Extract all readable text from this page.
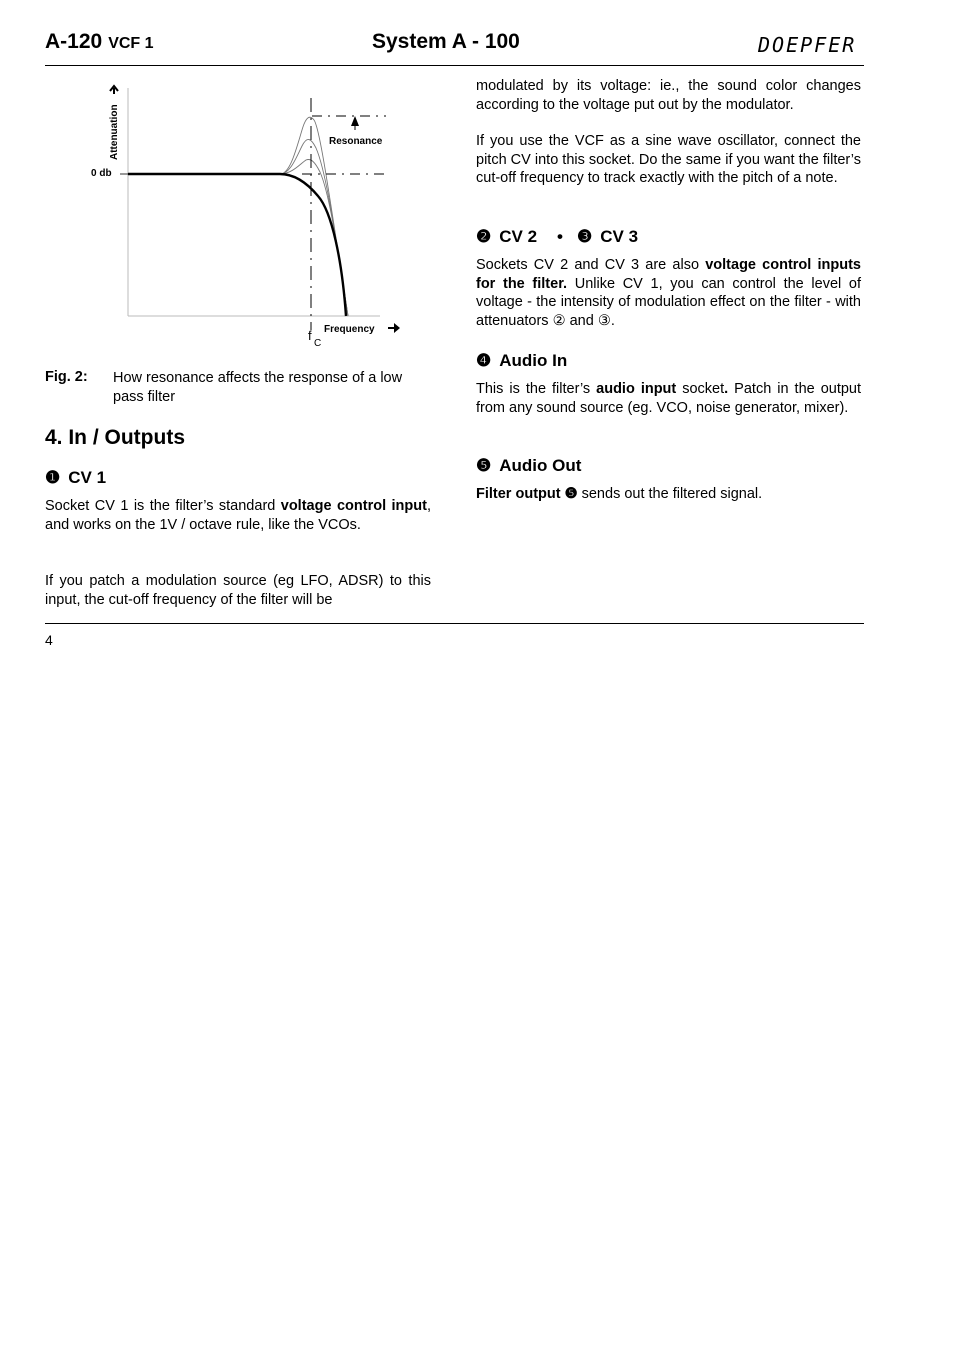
A-120 VCF 1	System A - 100	DOEPFER
Attenuation
0 db
Resonance
Frequency
f
C
Fig. 2: How resonance affects the response of a low pass filter
4. In / Outputs
❶ CV 1
Socket CV 1 is the filter’s standard voltage control input, and works on the 1V / octave rule, like the VCOs.
If you patch a modulation source (eg LFO, ADSR) to this input, the cut-off frequency of the filter will be
modulated by its voltage: ie., the sound color changes according to the voltage put out by the modulator.
If you use the VCF as a sine wave oscillator, connect the pitch CV into this socket. Do the same if you want the filter’s cut-off frequency to track exactly with the pitch of a note.
❷ CV 2 • ❸ CV 3
Sockets CV 2 and CV 3 are also voltage control inputs for the filter. Unlike CV 1, you can control the level of voltage - the intensity of modulation effect on the filter - with attenuators ② and ③.
❹ Audio In
This is the filter’s audio input socket. Patch in the output from any sound source (eg. VCO, noise generator, mixer).
❺ Audio Out
Filter output ❺ sends out the filtered signal.
4
